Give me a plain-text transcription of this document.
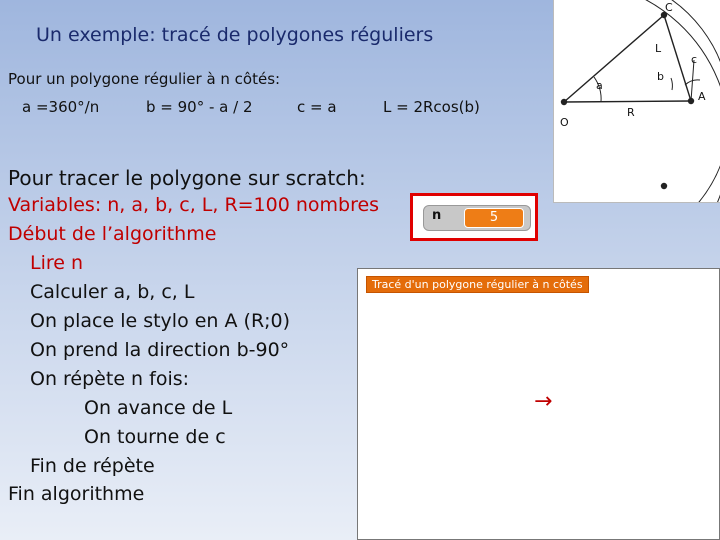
Un exemple: tracé de polygones réguliers
Pour un polygone régulier à n côtés:
a =360°/n	b = 90° - a / 2	c = a	L = 2Rcos(b)
C
L
c
b
a
A
O
R
Pour tracer le polygone sur scratch:
Variables: n, a, b, c, L, R=100 nombres
Début de l’algorithme
Lire n
Calculer a, b, c, L
On place le stylo en A (R;0)
On prend la direction b-90°
On répète n fois:
On avance de L
On tourne de c
Fin de répète
Fin algorithme
n	5
Tracé d'un polygone régulier à n côtés
→
